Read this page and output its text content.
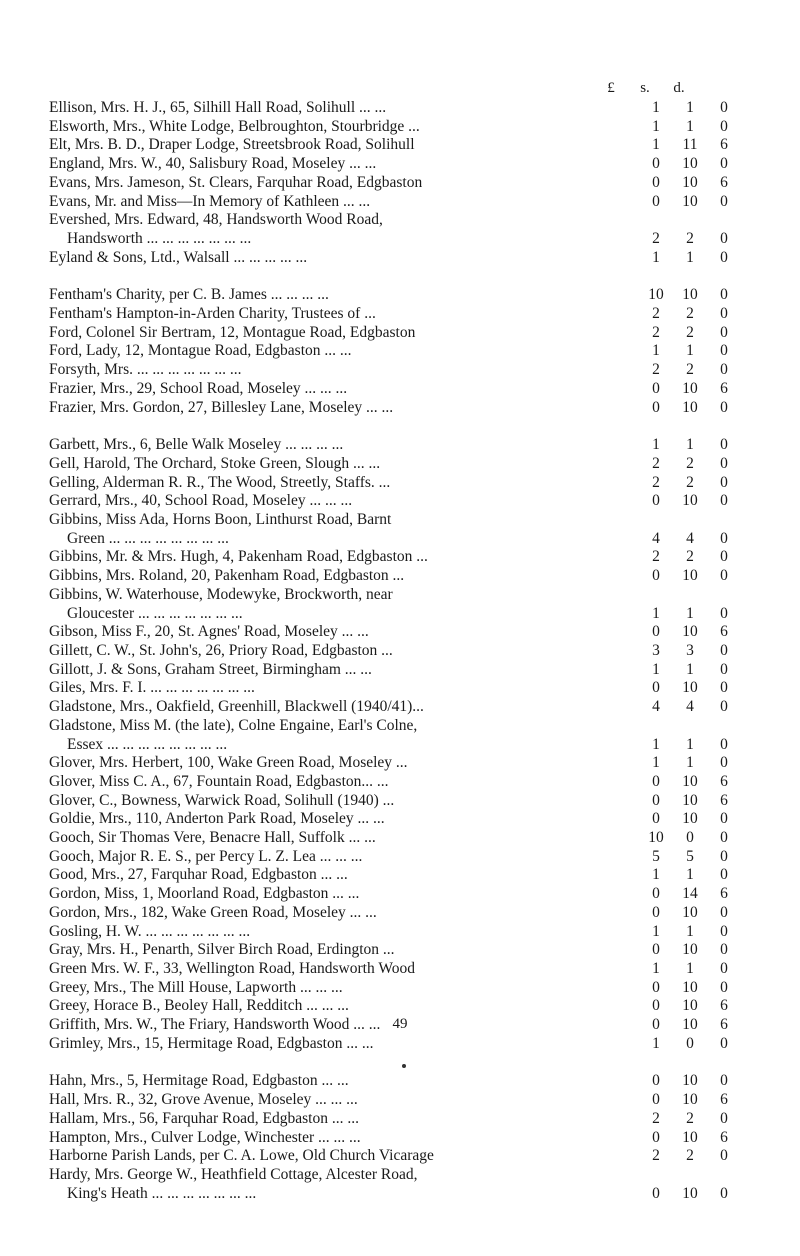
£	s.	d.
Ellison, Mrs. H. J., 65, Silhill Hall Road, Solihull ... ...	1	1	0
Elsworth, Mrs., White Lodge, Belbroughton, Stourbridge ...	1	1	0
Elt, Mrs. B. D., Draper Lodge, Streetsbrook Road, Solihull	1	11	6
England, Mrs. W., 40, Salisbury Road, Moseley ... ...	0	10	0
Evans, Mrs. Jameson, St. Clears, Farquhar Road, Edgbaston	0	10	6
Evans, Mr. and Miss—In Memory of Kathleen ... ...	0	10	0
Evershed, Mrs. Edward, 48, Handsworth Wood Road,
Handsworth ... ... ... ... ... ... ...	2	2	0
Eyland & Sons, Ltd., Walsall ... ... ... ... ...	1	1	0
Fentham's Charity, per C. B. James ... ... ... ...	10	10	0
Fentham's Hampton-in-Arden Charity, Trustees of ...	2	2	0
Ford, Colonel Sir Bertram, 12, Montague Road, Edgbaston	2	2	0
Ford, Lady, 12, Montague Road, Edgbaston ... ...	1	1	0
Forsyth, Mrs. ... ... ... ... ... ... ...	2	2	0
Frazier, Mrs., 29, School Road, Moseley ... ... ...	0	10	6
Frazier, Mrs. Gordon, 27, Billesley Lane, Moseley ... ...	0	10	0
Garbett, Mrs., 6, Belle Walk Moseley ... ... ... ...	1	1	0
Gell, Harold, The Orchard, Stoke Green, Slough ... ...	2	2	0
Gelling, Alderman R. R., The Wood, Streetly, Staffs. ...	2	2	0
Gerrard, Mrs., 40, School Road, Moseley ... ... ...	0	10	0
Gibbins, Miss Ada, Horns Boon, Linthurst Road, Barnt
Green ... ... ... ... ... ... ... ...	4	4	0
Gibbins, Mr. & Mrs. Hugh, 4, Pakenham Road, Edgbaston ...	2	2	0
Gibbins, Mrs. Roland, 20, Pakenham Road, Edgbaston ...	0	10	0
Gibbins, W. Waterhouse, Modewyke, Brockworth, near
Gloucester ... ... ... ... ... ... ...	1	1	0
Gibson, Miss F., 20, St. Agnes' Road, Moseley ... ...	0	10	6
Gillett, C. W., St. John's, 26, Priory Road, Edgbaston ...	3	3	0
Gillott, J. & Sons, Graham Street, Birmingham ... ...	1	1	0
Giles, Mrs. F. I. ... ... ... ... ... ... ...	0	10	0
Gladstone, Mrs., Oakfield, Greenhill, Blackwell (1940/41)...	4	4	0
Gladstone, Miss M. (the late), Colne Engaine, Earl's Colne,
Essex ... ... ... ... ... ... ... ...	1	1	0
Glover, Mrs. Herbert, 100, Wake Green Road, Moseley ...	1	1	0
Glover, Miss C. A., 67, Fountain Road, Edgbaston... ...	0	10	6
Glover, C., Bowness, Warwick Road, Solihull (1940) ...	0	10	6
Goldie, Mrs., 110, Anderton Park Road, Moseley ... ...	0	10	0
Gooch, Sir Thomas Vere, Benacre Hall, Suffolk ... ...	10	0	0
Gooch, Major R. E. S., per Percy L. Z. Lea ... ... ...	5	5	0
Good, Mrs., 27, Farquhar Road, Edgbaston ... ...	1	1	0
Gordon, Miss, 1, Moorland Road, Edgbaston ... ...	0	14	6
Gordon, Mrs., 182, Wake Green Road, Moseley ... ...	0	10	0
Gosling, H. W. ... ... ... ... ... ... ...	1	1	0
Gray, Mrs. H., Penarth, Silver Birch Road, Erdington ...	0	10	0
Green Mrs. W. F., 33, Wellington Road, Handsworth Wood	1	1	0
Greey, Mrs., The Mill House, Lapworth ... ... ...	0	10	0
Greey, Horace B., Beoley Hall, Redditch ... ... ...	0	10	6
Griffith, Mrs. W., The Friary, Handsworth Wood ... ...	0	10	6
Grimley, Mrs., 15, Hermitage Road, Edgbaston ... ...	1	0	0
Hahn, Mrs., 5, Hermitage Road, Edgbaston ... ...	0	10	0
Hall, Mrs. R., 32, Grove Avenue, Moseley ... ... ...	0	10	6
Hallam, Mrs., 56, Farquhar Road, Edgbaston ... ...	2	2	0
Hampton, Mrs., Culver Lodge, Winchester ... ... ...	0	10	6
Harborne Parish Lands, per C. A. Lowe, Old Church Vicarage	2	2	0
Hardy, Mrs. George W., Heathfield Cottage, Alcester Road,
King's Heath ... ... ... ... ... ... ...	0	10	0
49
